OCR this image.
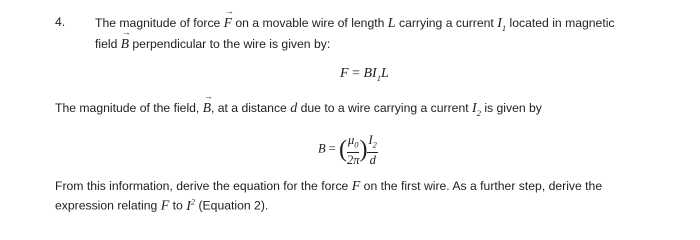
4. The magnitude of force → F on a movable wire of length L carrying a current $I_1$ located in magnetic
field → B perpendicular to the wire is given by:
$F = BI_1L$
The magnitude of the field, → B, at a distance d due to a wire carrying a current $I_2$ is given by
B = ( $\frac{\mu_0}{2\pi}$ ) $\frac{I_2}{d}$
From this information, derive the equation for the force F on the first wire. As a further step, derive the
expression relating F to $I^2$ (Equation 2).
